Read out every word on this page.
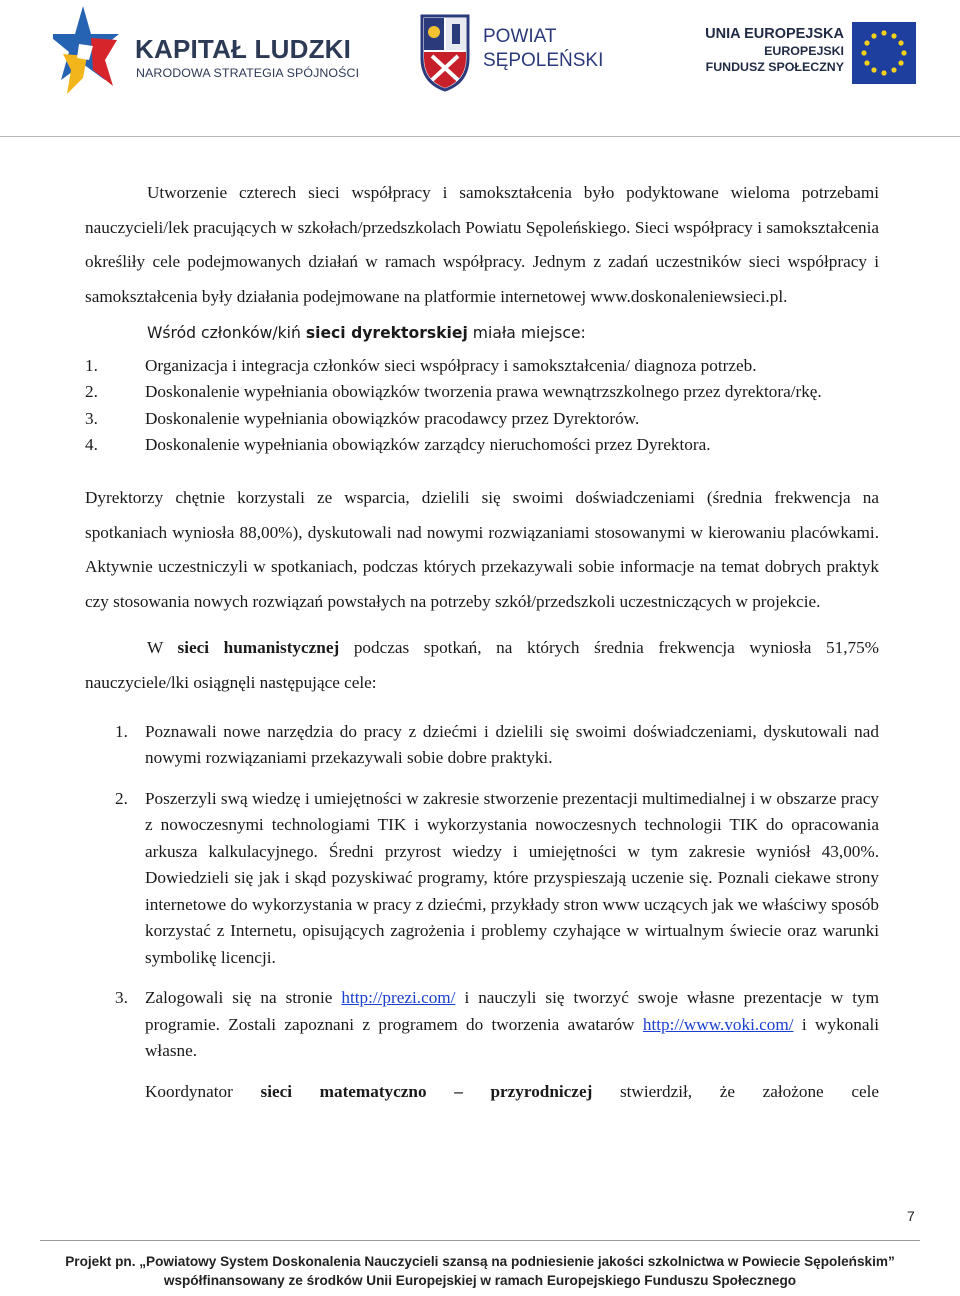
KAPITAŁ LUDZKI
NARODOWA STRATEGIA SPÓJNOŚCI
POWIAT
SĘPOLEŃSKI
UNIA EUROPEJSKA
EUROPEJSKI
FUNDUSZ SPOŁECZNY

Utworzenie czterech sieci współpracy i samokształcenia było podyktowane wieloma potrzebami nauczycieli/lek pracujących w szkołach/przedszkolach Powiatu Sępoleńskiego. Sieci współpracy i samokształcenia określiły cele podejmowanych działań w ramach współpracy. Jednym z zadań uczestników sieci współpracy i samokształcenia były działania podejmowane na platformie internetowej www.doskonaleniewsieci.pl.

Wśród członków/kiń sieci dyrektorskiej miała miejsce:

1.	Organizacja i integracja członków sieci współpracy i samokształcenia/ diagnoza potrzeb.
2.	Doskonalenie wypełniania obowiązków tworzenia prawa wewnątrzszkolnego przez dyrektora/rkę.
3.	Doskonalenie wypełniania obowiązków pracodawcy przez Dyrektorów.
4.	Doskonalenie wypełniania obowiązków zarządcy nieruchomości przez Dyrektora.

Dyrektorzy chętnie korzystali ze wsparcia, dzielili się swoimi doświadczeniami (średnia frekwencja na spotkaniach wyniosła 88,00%), dyskutowali nad nowymi rozwiązaniami stosowanymi w kierowaniu placówkami. Aktywnie uczestniczyli w spotkaniach, podczas których przekazywali sobie informacje na temat dobrych praktyk czy stosowania nowych rozwiązań powstałych na potrzeby szkół/przedszkoli uczestniczących w projekcie.

W sieci humanistycznej podczas spotkań, na których średnia frekwencja wyniosła 51,75% nauczyciele/lki osiągnęli następujące cele:

1. Poznawali nowe narzędzia do pracy z dziećmi i dzielili się swoimi doświadczeniami, dyskutowali nad nowymi rozwiązaniami przekazywali sobie dobre praktyki.
2. Poszerzyli swą wiedzę i umiejętności w zakresie stworzenie prezentacji multimedialnej i w obszarze pracy z nowoczesnymi technologiami TIK i wykorzystania nowoczesnych technologii TIK do opracowania arkusza kalkulacyjnego. Średni przyrost wiedzy i umiejętności w tym zakresie wyniósł 43,00%. Dowiedzieli się jak i skąd pozyskiwać programy, które przyspieszają uczenie się. Poznali ciekawe strony internetowe do wykorzystania w pracy z dziećmi, przykłady stron www uczących jak we właściwy sposób korzystać z Internetu, opisujących zagrożenia i problemy czyhające w wirtualnym świecie oraz warunki symbolikę licencji.
3. Zalogowali się na stronie http://prezi.com/ i nauczyli się tworzyć swoje własne prezentacje w tym programie. Zostali zapoznani z programem do tworzenia awatarów http://www.voki.com/ i wykonali własne.

Koordynator sieci matematyczno – przyrodniczej stwierdził, że założone cele

7
Projekt pn. „Powiatowy System Doskonalenia Nauczycieli szansą na podniesienie jakości szkolnictwa w Powiecie Sępoleńskim”
współfinansowany ze środków Unii Europejskiej w ramach Europejskiego Funduszu Społecznego
